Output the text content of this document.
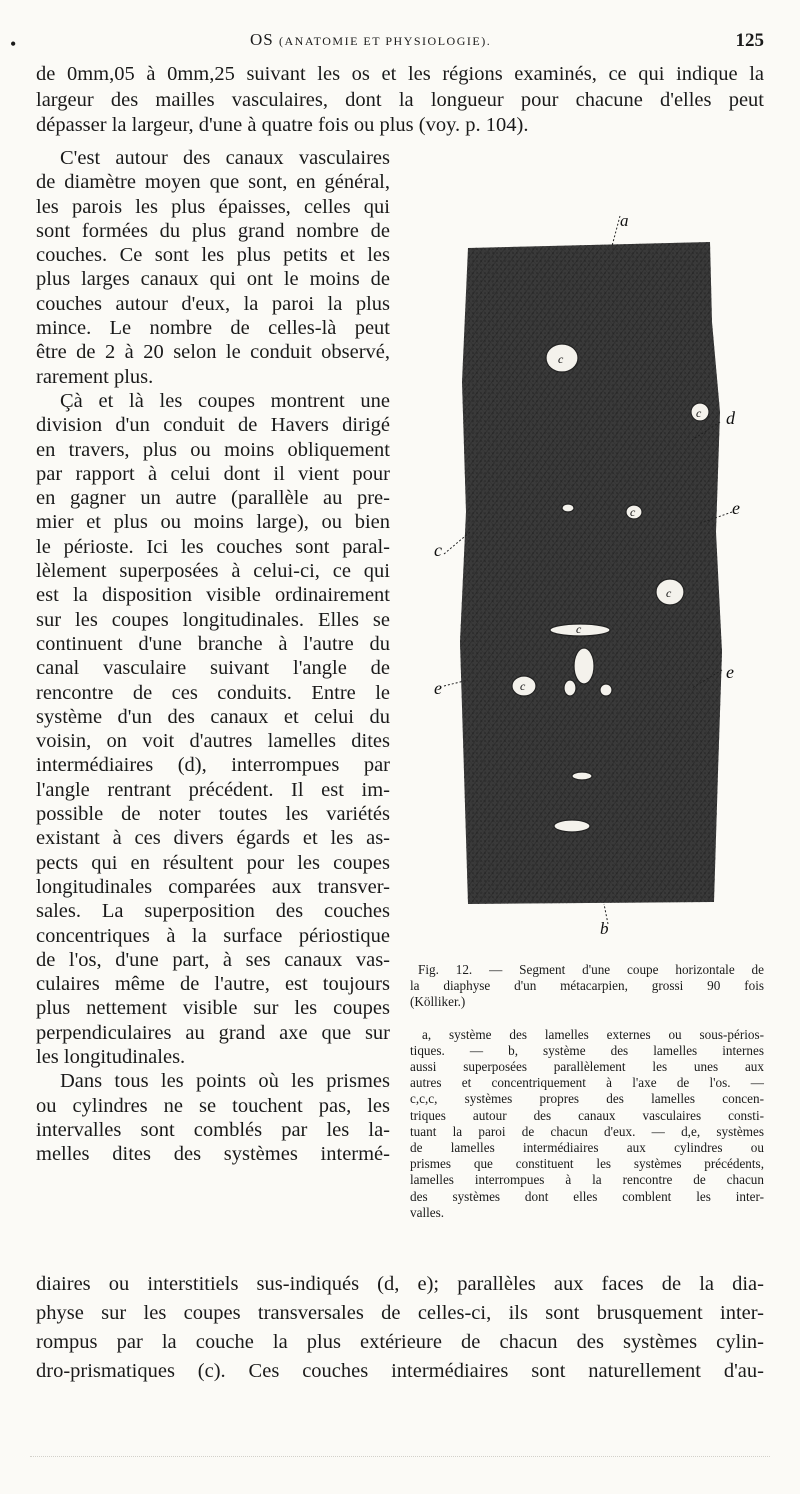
•	OS (ANATOMIE ET PHYSIOLOGIE).	125
de 0mm,05 à 0mm,25 suivant les os et les régions examinés, ce qui indique la
largeur des mailles vasculaires, dont la longueur pour chacune d'elles peut
dépasser la largeur, d'une à quatre fois ou plus (voy. p. 104).
C'est autour des canaux vasculaires
de diamètre moyen que sont, en général,
les parois les plus épaisses, celles qui
sont formées du plus grand nombre de
couches. Ce sont les plus petits et les
plus larges canaux qui ont le moins de
couches autour d'eux, la paroi la plus
mince. Le nombre de celles-là peut
être de 2 à 20 selon le conduit observé,
rarement plus.
Çà et là les coupes montrent une
division d'un conduit de Havers dirigé
en travers, plus ou moins obliquement
par rapport à celui dont il vient pour
en gagner un autre (parallèle au pre-
mier et plus ou moins large), ou bien
le périoste. Ici les couches sont paral-
lèlement superposées à celui-ci, ce qui
est la disposition visible ordinairement
sur les coupes longitudinales. Elles se
continuent d'une branche à l'autre du
canal vasculaire suivant l'angle de
rencontre de ces conduits. Entre le
système d'un des canaux et celui du
voisin, on voit d'autres lamelles dites
intermédiaires (d), interrompues par
l'angle rentrant précédent. Il est im-
possible de noter toutes les variétés
existant à ces divers égards et les as-
pects qui en résultent pour les coupes
longitudinales comparées aux transver-
sales. La superposition des couches
concentriques à la surface périostique
de l'os, d'une part, à ses canaux vas-
culaires même de l'autre, est toujours
plus nettement visible sur les coupes
perpendiculaires au grand axe que sur
les longitudinales.
Dans tous les points où les prismes
ou cylindres ne se touchent pas, les
intervalles sont comblés par les la-
melles dites des systèmes intermé-
c
c
c
c
c
c
a
d
e
c
e
e
b
Fig. 12. — Segment d'une coupe horizontale de
la diaphyse d'un métacarpien, grossi 90 fois
(Kölliker.)
a, système des lamelles externes ou sous-périos-
tiques. — b, système des lamelles internes
aussi superposées parallèlement les unes aux
autres et concentriquement à l'axe de l'os. —
c,c,c, systèmes propres des lamelles concen-
triques autour des canaux vasculaires consti-
tuant la paroi de chacun d'eux. — d,e, systèmes
de lamelles intermédiaires aux cylindres ou
prismes que constituent les systèmes précédents,
lamelles interrompues à la rencontre de chacun
des systèmes dont elles comblent les inter-
valles.
diaires ou interstitiels sus-indiqués (d, e); parallèles aux faces de la dia-
physe sur les coupes transversales de celles-ci, ils sont brusquement inter-
rompus par la couche la plus extérieure de chacun des systèmes cylin-
dro-prismatiques (c). Ces couches intermédiaires sont naturellement d'au-
